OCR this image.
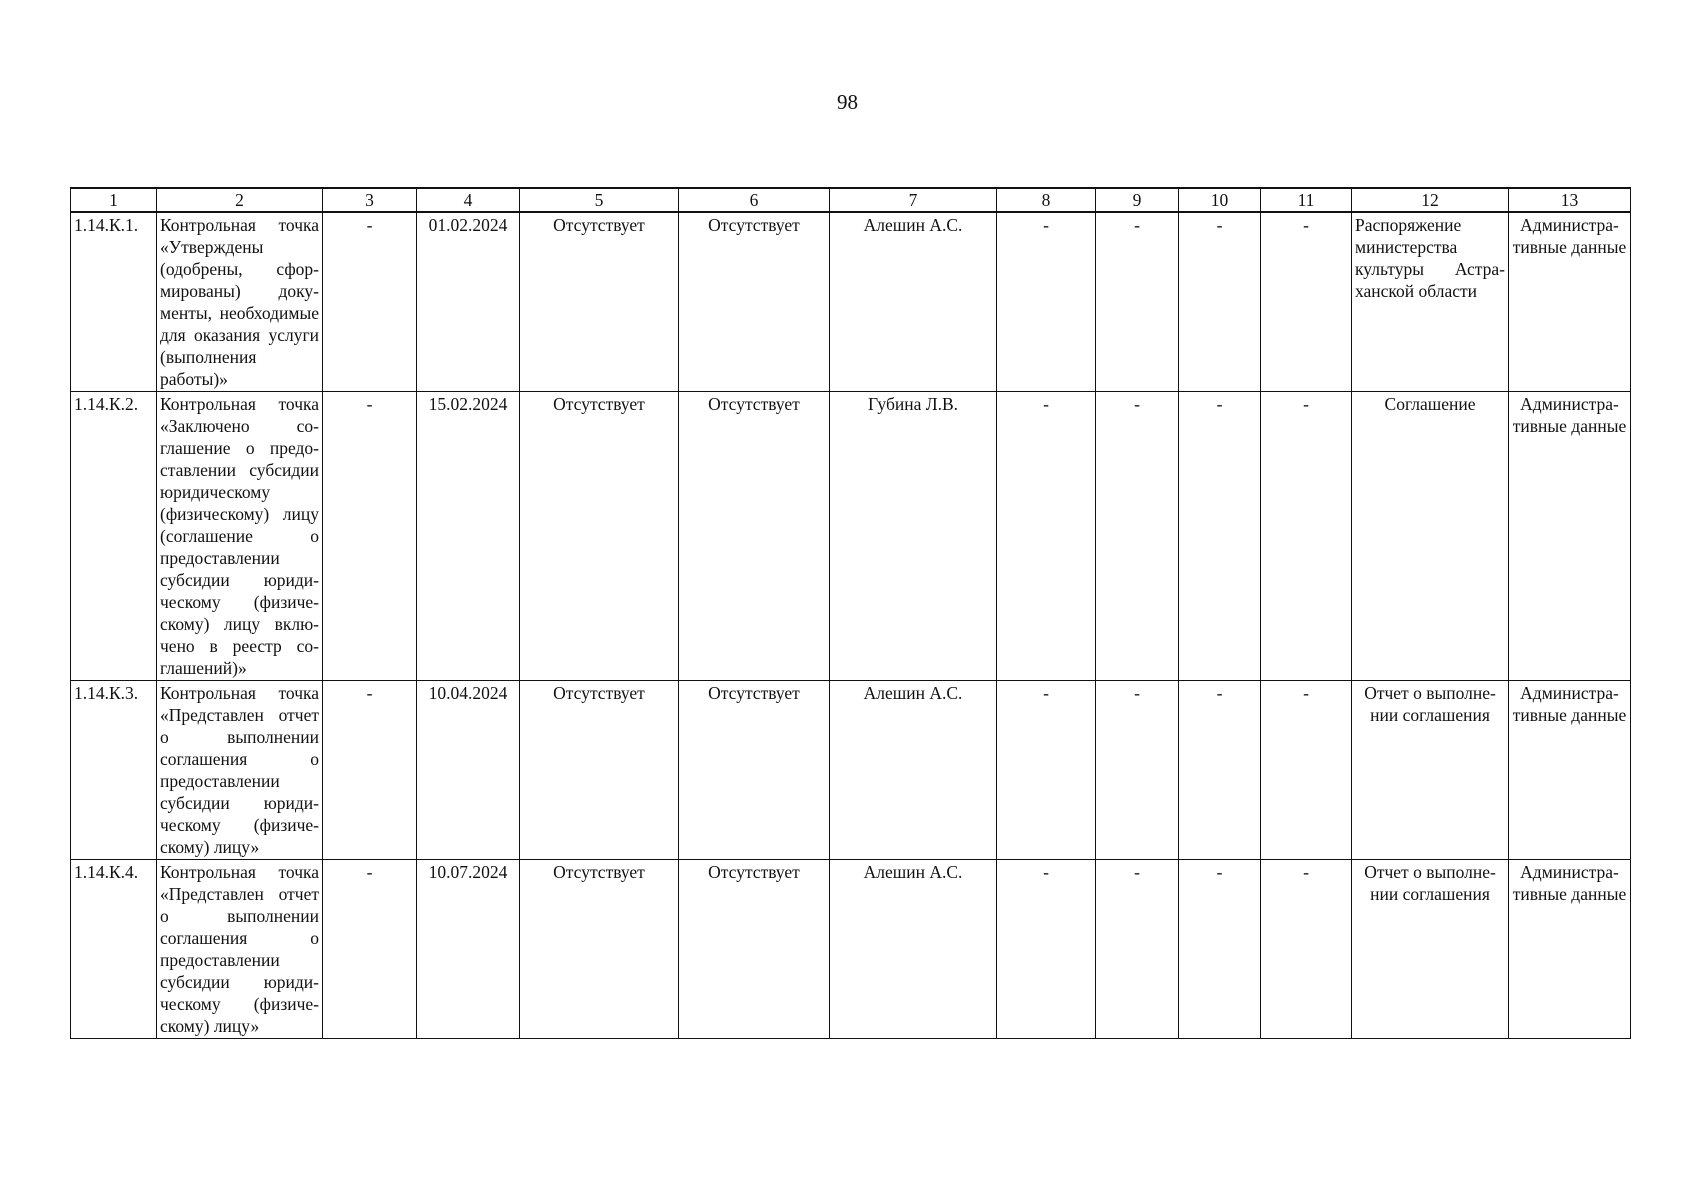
98
1	2	3	4	5	6	7	8	9	10	11	12	13
1.14.К.1.	Контрольная точка «Утверждены (одобрены, сформированы) документы, необходимые для оказания услуги (выполнения работы)»	-	01.02.2024	Отсутствует	Отсутствует	Алешин А.С.	-	-	-	-	Распоряжение министерства культуры Астраханской области	Административные данные
1.14.К.2.	Контрольная точка «Заключено соглашение о предоставлении субсидии юридическому (физическому) лицу (соглашение о предоставлении субсидии юридическому (физическому) лицу включено в реестр соглашений)»	-	15.02.2024	Отсутствует	Отсутствует	Губина Л.В.	-	-	-	-	Соглашение	Административные данные
1.14.К.3.	Контрольная точка «Представлен отчет о выполнении соглашения о предоставлении субсидии юридическому (физическому) лицу»	-	10.04.2024	Отсутствует	Отсутствует	Алешин А.С.	-	-	-	-	Отчет о выполнении соглашения	Административные данные
1.14.К.4.	Контрольная точка «Представлен отчет о выполнении соглашения о предоставлении субсидии юридическому (физическому) лицу»	-	10.07.2024	Отсутствует	Отсутствует	Алешин А.С.	-	-	-	-	Отчет о выполнении соглашения	Административные данные
